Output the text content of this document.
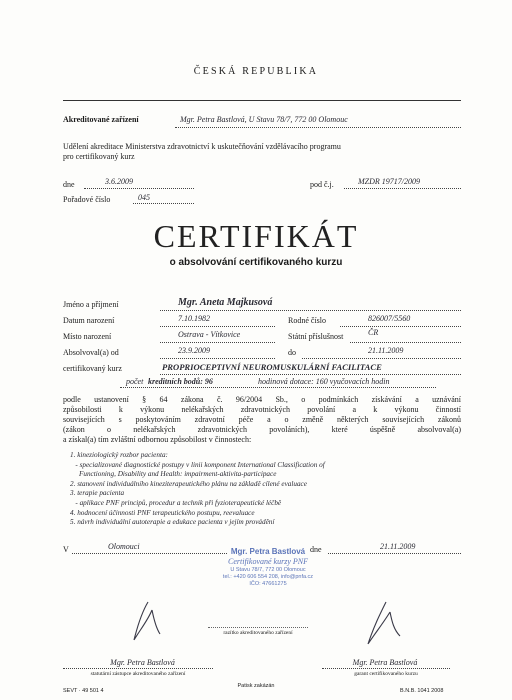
ČESKÁ REPUBLIKA
Akreditované zařízení	Mgr. Petra Bastlová, U Stavu 78/7, 772 00 Olomouc
Udělení akreditace Ministerstva zdravotnictví k uskutečňování vzdělávacího programu
pro certifikovaný kurz
dne	3.6.2009	pod č.j.	MZDR 19717/2009
Pořadové číslo	045
CERTIFIKÁT
o absolvování certifikovaného kurzu
Jméno a příjmení	Mgr. Aneta Majkusová
Datum narození	7.10.1982	Rodné číslo	826007/5560
Místo narození	Ostrava - Vítkovice	Státní příslušnost	ČR
Absolvoval(a) od	23.9.2009	do	21.11.2009
certifikovaný kurz	PROPRIOCEPTIVNÍ NEUROMUSKULÁRNÍ FACILITACE
počet kreditních bodů: 96	hodinová dotace: 160 vyučovacích hodin
podle ustanovení § 64 zákona č. 96/2004 Sb., o podmínkách získávání a uznávání
způsobilosti k výkonu nelékařských zdravotnických povolání a k výkonu činností
souvisejících s poskytováním zdravotní péče a o změně některých souvisejících zákonů
(zákon o nelékařských zdravotnických povoláních), které úspěšně absolvoval(a)
a získal(a) tím zvláštní odbornou způsobilost v činnostech:
1. kineziologický rozbor pacienta:
- specializované diagnostické postupy v linii komponent International Classification of
Functioning, Disability and Health: impairment-aktivita-participace
2. stanovení individuálního kineziterapeutického plánu na základě cílené evaluace
3. terapie pacienta
- aplikace PNF principů, procedur a technik při fyzioterapeutické léčbě
4. hodnocení účinnosti PNF terapeutického postupu, reevaluace
5. návrh individuální autoterapie a edukace pacienta v jejím provádění
V	Olomouci	dne	21.11.2009
Mgr. Petra Bastlová
Certifikované kurzy PNF
U Stavu 78/7, 772 00 Olomouc
tel.: +420 606 554 208, info@pnfa.cz
IČO: 47661275
razítko akreditovaného zařízení
Mgr. Petra Bastlová
statutární zástupce akreditovaného zařízení
Mgr. Petra Bastlová
garant certifikovaného kurzu
SEVT · 49 501 4
Patisk zakázán
B.N.B. 1041 2008
